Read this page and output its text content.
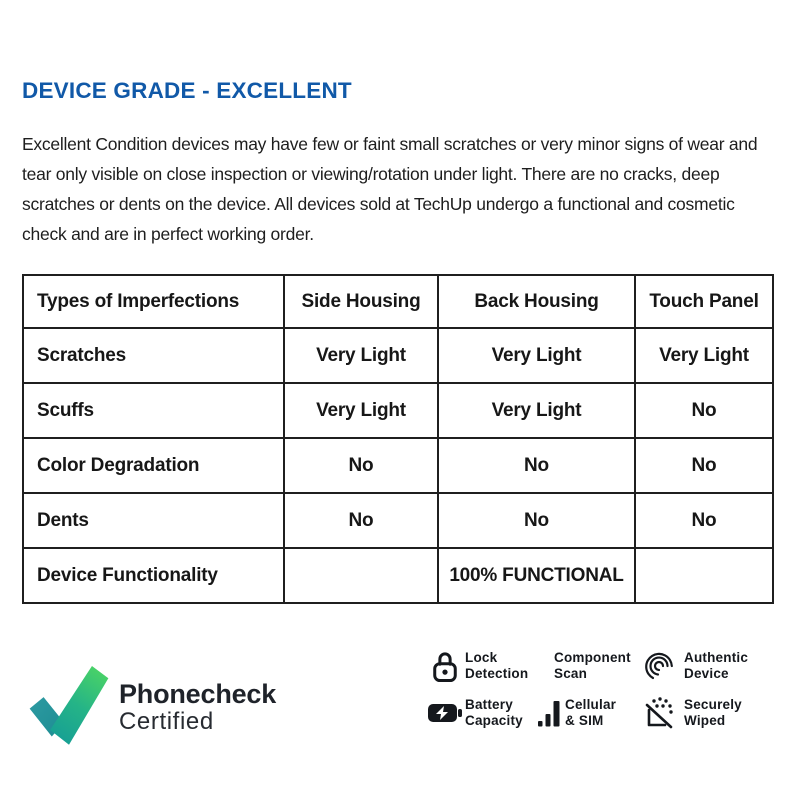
DEVICE GRADE - EXCELLENT
Excellent Condition devices may have few or faint small scratches or very minor signs of wear and tear only visible on close inspection or viewing/rotation under light. There are no cracks, deep scratches or dents on the device. All devices sold at TechUp undergo a functional and cosmetic check and are in perfect working order.
Types of Imperfections	Side Housing	Back Housing	Touch Panel
Scratches	Very Light	Very Light	Very Light
Scuffs	Very Light	Very Light	No
Color Degradation	No	No	No
Dents	No	No	No
Device Functionality		100% FUNCTIONAL	
Phonecheck
Certified
Lock
Detection
Component
Scan
Authentic
Device
Battery
Capacity
Cellular
& SIM
Securely
Wiped
